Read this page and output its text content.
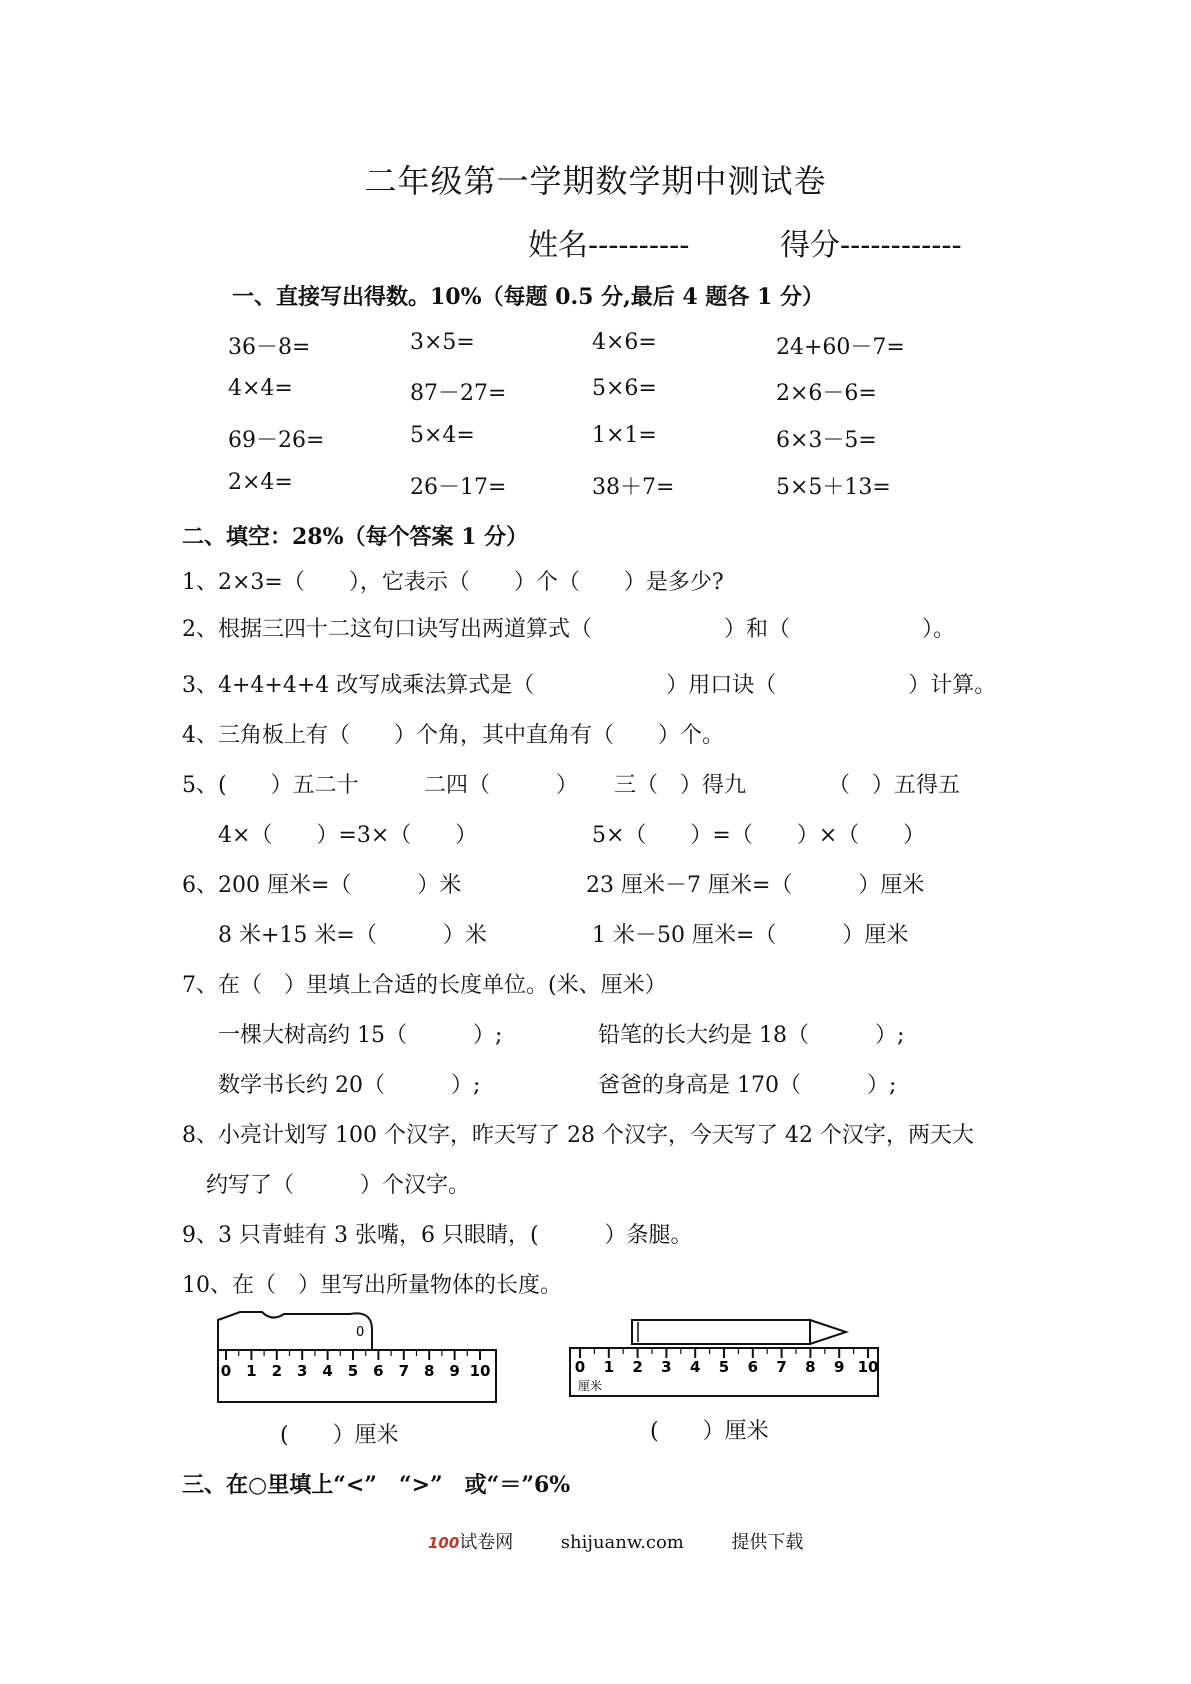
二年级第一学期数学期中测试卷
姓名----------	得分------------
一、直接写出得数。10%（每题 0.5 分,最后 4 题各 1 分）
36－8=	3×5=	4×6=	24+60－7=
4×4=	87－27=	5×6=	2×6－6=
69－26=	5×4=	1×1=	6×3－5=
2×4=	26－17=	38＋7=	5×5＋13=
二、填空：28%（每个答案 1 分）
1、2×3=（　　），它表示（　　）个（　　）是多少?
2、根据三四十二这句口诀写出两道算式（　　　　　　）和（　　　　　　）。
3、4+4+4+4 改写成乘法算式是（　　　　　　）用口诀（　　　　　　）计算。
4、三角板上有（　　）个角，其中直角有（　　）个。
5、(　　）五二十	二四（　　　） 三（　）得九	（　）五得五
4×（　　）=3×（　　）	5×（　　）=（　　）×（　　）
6、200 厘米=（　　　）米	23 厘米－7 厘米=（　　　）厘米
8 米+15 米=（　　　）米	1 米－50 厘米=（　　　）厘米
7、在（　）里填上合适的长度单位。(米、厘米）
一棵大树高约 15（　　　）;	铅笔的长大约是 18（　　　）;
数学书长约 20（　　　）;	爸爸的身高是 170（　　　）;
8、小亮计划写 100 个汉字，昨天写了 28 个汉字，今天写了 42 个汉字，两天大
约写了（　　　）个汉字。
9、3 只青蛙有 3 张嘴，6 只眼睛，(　　　）条腿。
10、在（　）里写出所量物体的长度。
0
0 1 2 3 4 5 6 7 8 9 10
(　　）厘米
0 1 2 3 4 5 6 7 8 9 10
厘米
(　　）厘米
三、在○里填上“<”　“>”　或“＝”6%
100试卷网	shijuanw.com	提供下载
